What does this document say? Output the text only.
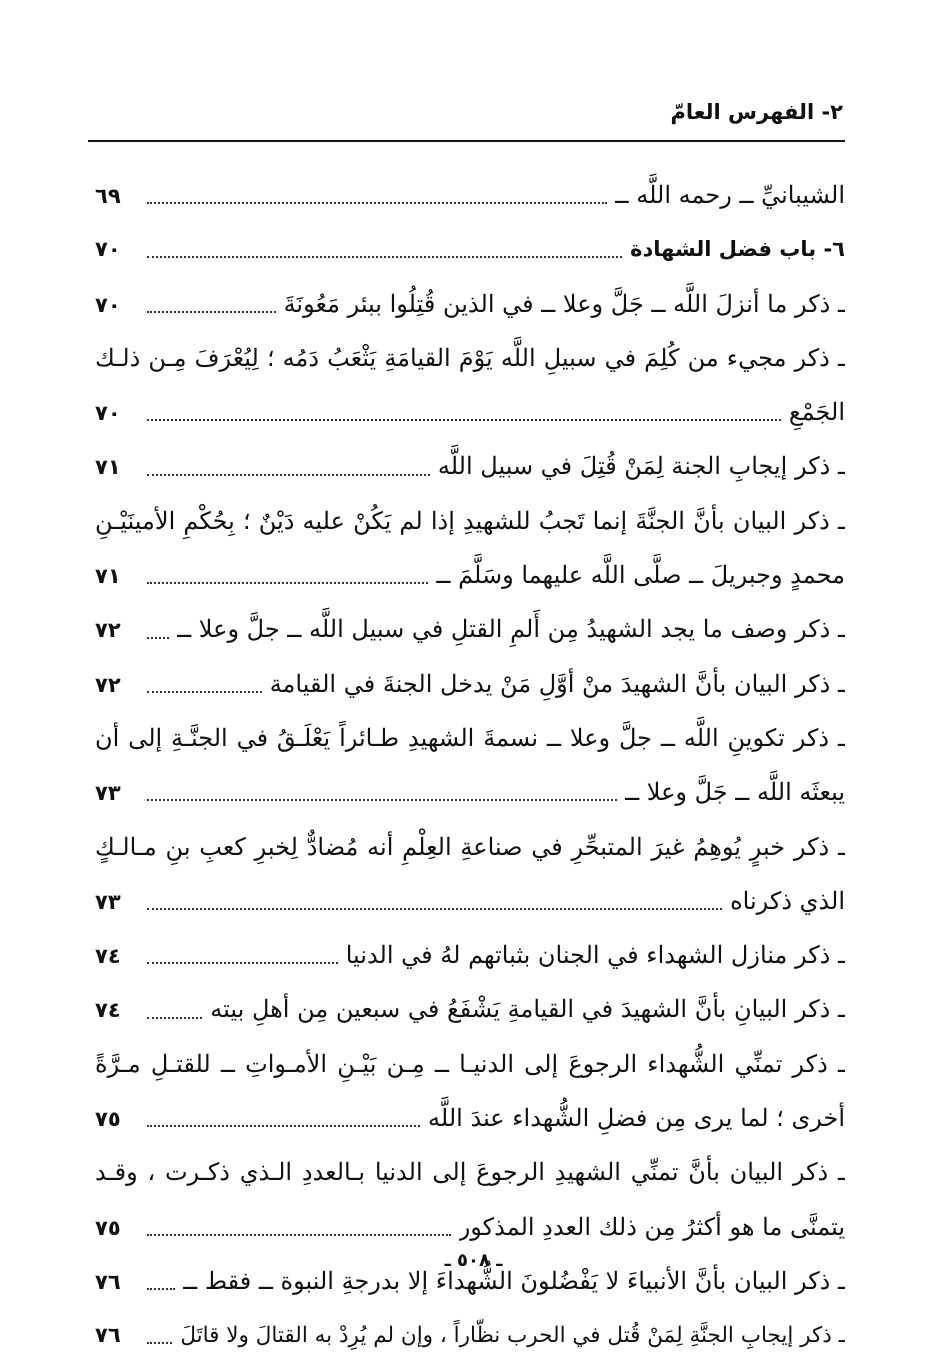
٢- الفهرس العامّ
الشيبانيِّ ــ رحمه اللَّه ــ
٦٩
٦- باب فضل الشهادة
٧٠
ـ ذكر ما أنزلَ اللَّه ــ جَلَّ وعلا ــ في الذين قُتِلُوا ببئر مَعُونَةَ
٧٠
ـ ذكر مجيء من كُلِمَ في سبيلِ اللَّه يَوْمَ القيامَةِ يَثْعَبُ دَمُه ؛ لِيُعْرَفَ مِـن ذلـك
الجَمْعِ
٧٠
ـ ذكر إيجابِ الجنة لِمَنْ قُتِلَ في سبيل اللَّه
٧١
ـ ذكر البيان بأنَّ الجنَّةَ إنما تَجبُ للشهيدِ إذا لم يَكُنْ عليه دَيْنٌ ؛ بِحُكْمِ الأمينَيْـنِ
محمدٍ وجبريلَ ــ صلَّى اللَّه عليهما وسَلَّمَ ــ
٧١
ـ ذكر وصف ما يجد الشهيدُ مِن أَلمِ القتلِ في سبيل اللَّه ــ جلَّ وعلا ــ
٧٢
ـ ذكر البيان بأنَّ الشهيدَ منْ أوَّلِ مَنْ يدخل الجنةَ في القيامة
٧٢
ـ ذكر تكوينِ اللَّه ــ جلَّ وعلا ــ نسمةَ الشهيدِ طـائراً يَعْلَـقُ في الجنَّـةِ إلى أن
يبعثَه اللَّه ــ جَلَّ وعلا ــ
٧٣
ـ ذكر خبرٍ يُوهِمُ غيرَ المتبحِّرِ في صناعةِ العِلْمِ أنه مُضادٌّ لِخبرِ كعبِ بنِ مـالـكٍ
الذي ذكرناه
٧٣
ـ ذكر منازل الشهداء في الجنان بثباتهم لهُ في الدنيا
٧٤
ـ ذكر البيانِ بأنَّ الشهيدَ في القيامةِ يَشْفَعُ في سبعين مِن أهلِ بيته
٧٤
ـ ذكر تمنِّي الشُّهداء الرجوعَ إلى الدنيـا ــ مِـن بَيْـنِ الأمـواتِ ــ للقتـلِ مـرَّةً
أخرى ؛ لما يرى مِن فضلِ الشُّهداء عندَ اللَّه
٧٥
ـ ذكر البيان بأنَّ تمنِّي الشهيدِ الرجوعَ إلى الدنيا بـالعددِ الـذي ذكـرت ، وقـد
يتمنَّى ما هو أكثرُ مِن ذلك العددِ المذكور
٧٥
ـ ذكر البيان بأنَّ الأنبياءَ لا يَفْضُلونَ الشُّهداءَ إلا بدرجةِ النبوة ــ فقط ــ
٧٦
ـ ذكر إيجابِ الجنَّةِ لِمَنْ قُتل في الحرب نظّاراً ، وإن لم يُرِدْ به القتالَ ولا قاتَلَ
٧٦
ـ ٥٠٨ ـ
